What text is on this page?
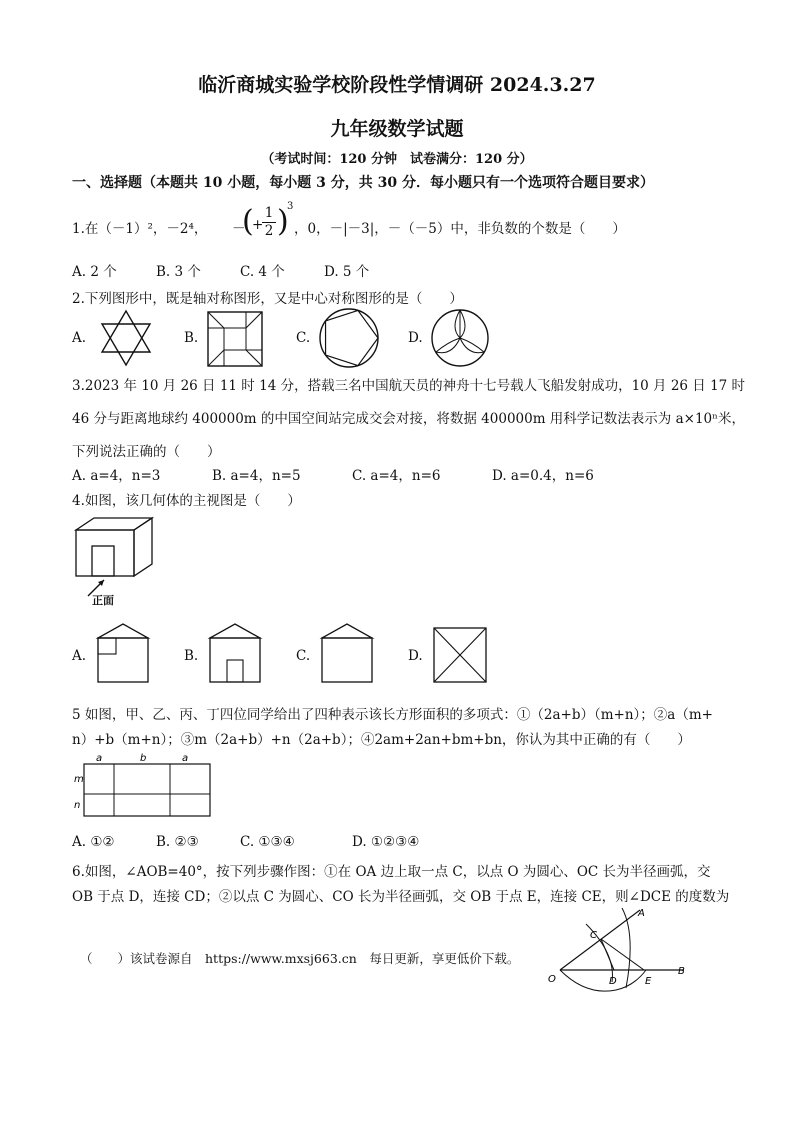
临沂商城实验学校阶段性学情调研 2024.3.27
九年级数学试题
（考试时间：120 分钟　试卷满分：120 分）
一、选择题（本题共 10 小题，每小题 3 分，共 30 分．每小题只有一个选项符合题目要求）
1.在（－1）²，－2⁴， －
(
+
$\frac{1}{2}$ )
3
，0，－|－3|，－（－5）中，非负数的个数是（　　）
A. 2 个	B. 3 个	C. 4 个	D. 5 个
2.下列图形中，既是轴对称图形，又是中心对称图形的是（　　）
A.	B.	C.	D.
3.2023 年 10 月 26 日 11 时 14 分，搭载三名中国航天员的神舟十七号载人飞船发射成功，10 月 26 日 17 时
46 分与距离地球约 400000m 的中国空间站完成交会对接，将数据 400000m 用科学记数法表示为 a×10ⁿ米，
下列说法正确的（　　）
A. a=4，n=3	B. a=4，n=5	C. a=4，n=6	D. a=0.4，n=6
4.如图，该几何体的主视图是（　　）
正面
A.	B.	C.	D.
5 如图，甲、乙、丙、丁四位同学给出了四种表示该长方形面积的多项式：①（2a+b）（m+n）；②a（m+
n）+b（m+n）；③m（2a+b）+n（2a+b）；④2am+2an+bm+bn，你认为其中正确的有（　　）
a	b	a
m
n
A. ①②	B. ②③	C. ①③④	D. ①②③④
6.如图，∠AOB=40°，按下列步骤作图：①在 OA 边上取一点 C，以点 O 为圆心、OC 长为半径画弧，交
OB 于点 D，连接 CD；②以点 C 为圆心、CO 长为半径画弧，交 OB 于点 E，连接 CE，则∠DCE 的度数为
（　　）该试卷源自　https://www.mxsj663.cn　每日更新，享更低价下载。
A
C
O	D	E
B
